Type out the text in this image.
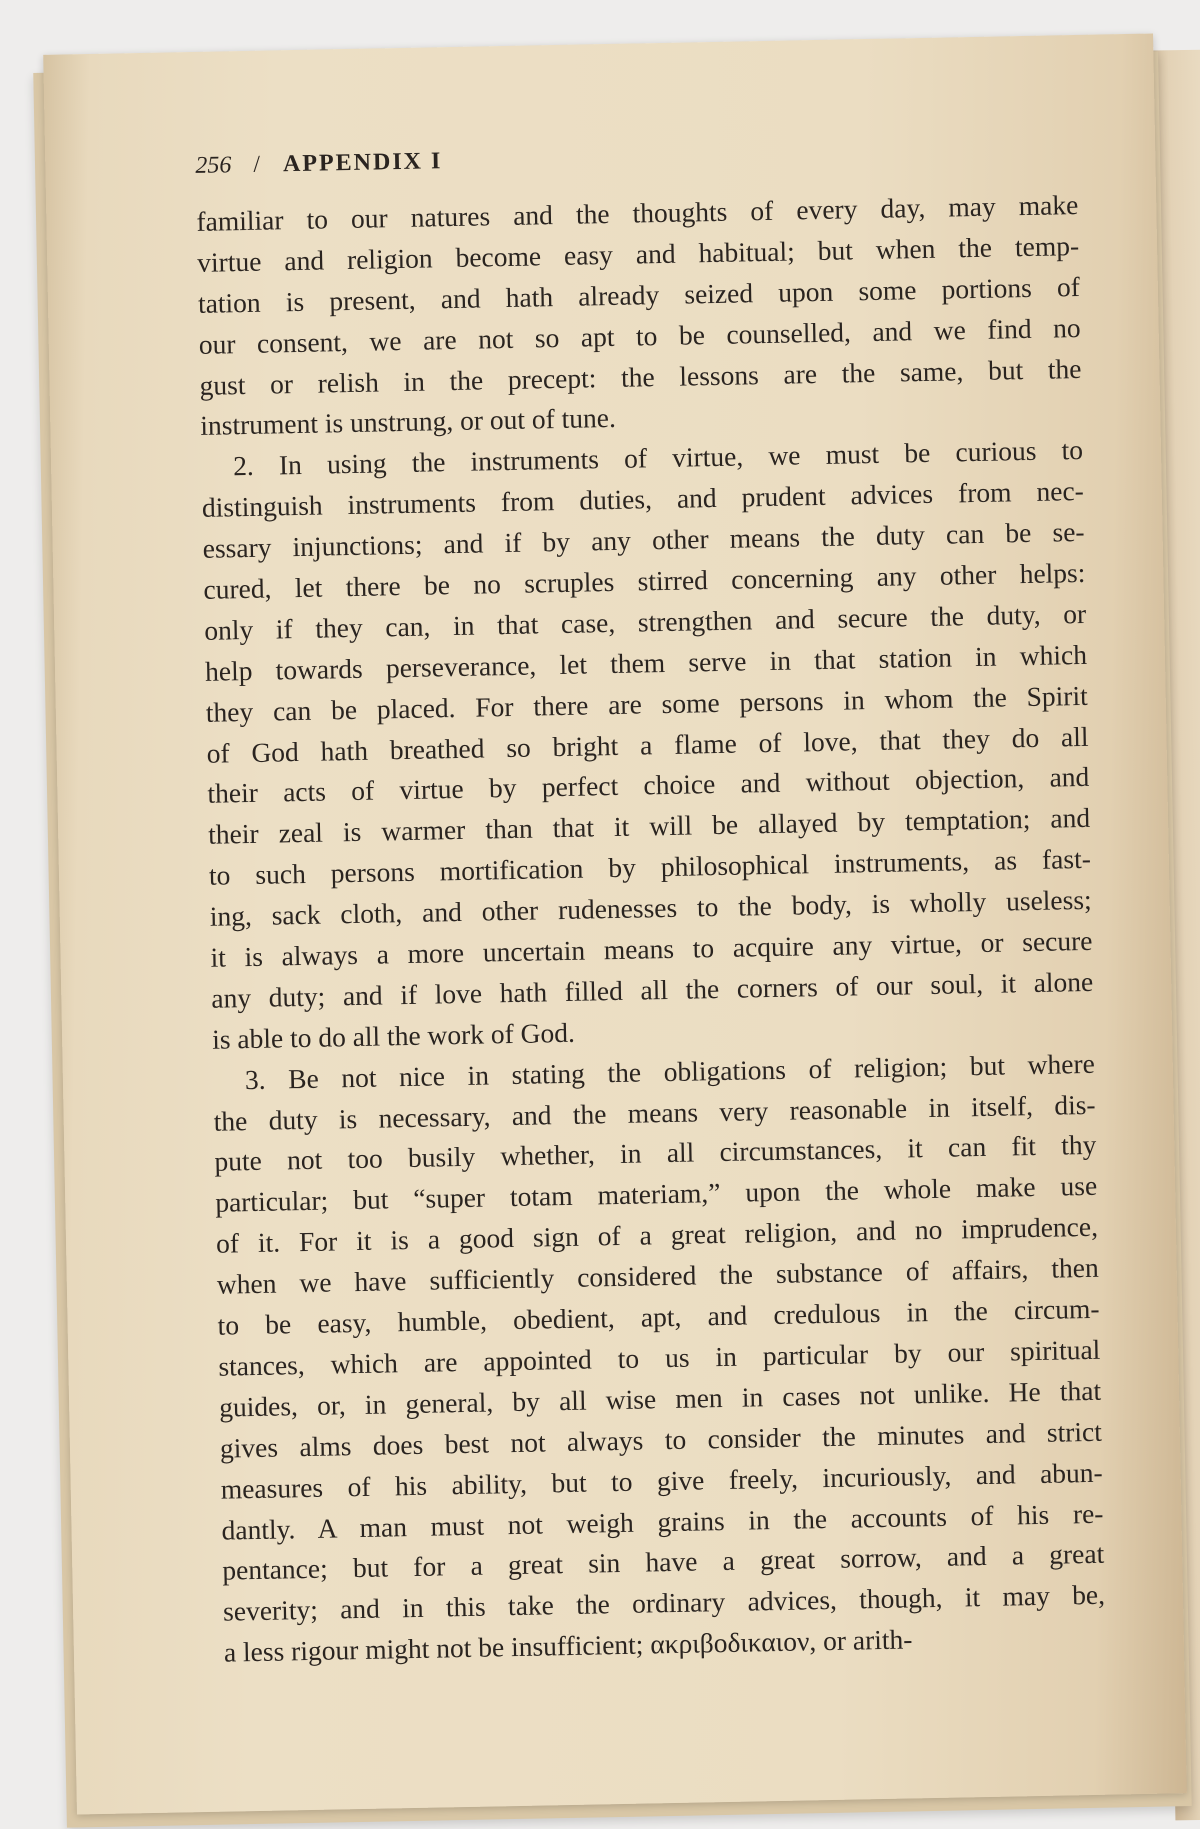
256 / APPENDIX I
familiar to our natures and the thoughts of every day, may make
virtue and religion become easy and habitual; but when the temp-
tation is present, and hath already seized upon some portions of
our consent, we are not so apt to be counselled, and we find no
gust or relish in the precept: the lessons are the same, but the
instrument is unstrung, or out of tune.
2. In using the instruments of virtue, we must be curious to
distinguish instruments from duties, and prudent advices from nec-
essary injunctions; and if by any other means the duty can be se-
cured, let there be no scruples stirred concerning any other helps:
only if they can, in that case, strengthen and secure the duty, or
help towards perseverance, let them serve in that station in which
they can be placed. For there are some persons in whom the Spirit
of God hath breathed so bright a flame of love, that they do all
their acts of virtue by perfect choice and without objection, and
their zeal is warmer than that it will be allayed by temptation; and
to such persons mortification by philosophical instruments, as fast-
ing, sack cloth, and other rudenesses to the body, is wholly useless;
it is always a more uncertain means to acquire any virtue, or secure
any duty; and if love hath filled all the corners of our soul, it alone
is able to do all the work of God.
3. Be not nice in stating the obligations of religion; but where
the duty is necessary, and the means very reasonable in itself, dis-
pute not too busily whether, in all circumstances, it can fit thy
particular; but “super totam materiam,” upon the whole make use
of it. For it is a good sign of a great religion, and no imprudence,
when we have sufficiently considered the substance of affairs, then
to be easy, humble, obedient, apt, and credulous in the circum-
stances, which are appointed to us in particular by our spiritual
guides, or, in general, by all wise men in cases not unlike. He that
gives alms does best not always to consider the minutes and strict
measures of his ability, but to give freely, incuriously, and abun-
dantly. A man must not weigh grains in the accounts of his re-
pentance; but for a great sin have a great sorrow, and a great
severity; and in this take the ordinary advices, though, it may be,
a less rigour might not be insufficient; ακριβοδικαιον, or arith-
